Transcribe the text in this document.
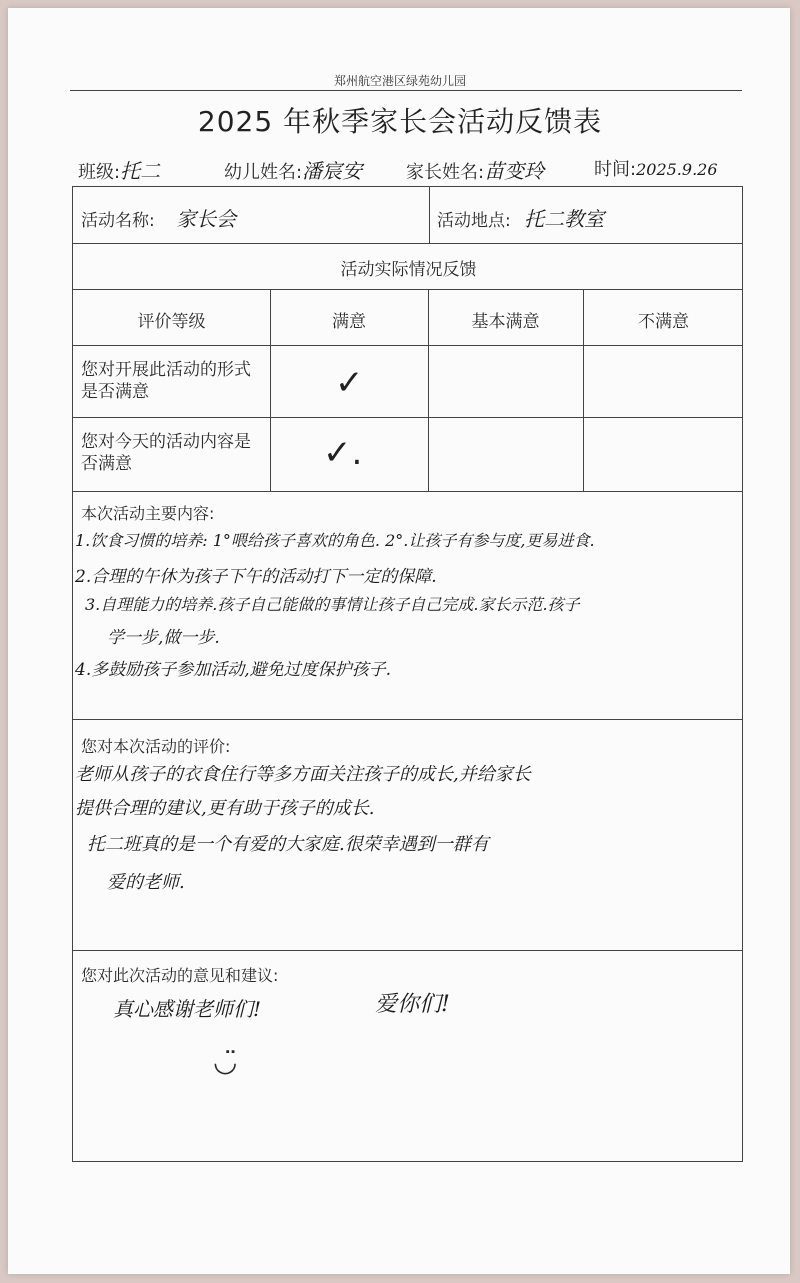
郑州航空港区绿苑幼儿园
2025 年秋季家长会活动反馈表
班级:托二	幼儿姓名:潘宸安 家长姓名:苗变玲	时间:2025.9.26
活动名称: 家长会	活动地点: 托二教室
活动实际情况反馈
评价等级	满意	基本满意	不满意
您对开展此活动的形式是否满意	✓
您对今天的活动内容是否满意	✓.
本次活动主要内容:
1.饮食习惯的培养: 1°喂给孩子喜欢的角色. 2°.让孩子有参与度,更易进食.
2.合理的午休为孩子下午的活动打下一定的保障.
3.自理能力的培养.孩子自己能做的事情让孩子自己完成.家长示范.孩子
学一步,做一步.
4.多鼓励孩子参加活动,避免过度保护孩子.
您对本次活动的评价:
老师从孩子的衣食住行等多方面关注孩子的成长,并给家长
提供合理的建议,更有助于孩子的成长.
托二班真的是一个有爱的大家庭.很荣幸遇到一群有
爱的老师.
您对此次活动的意见和建议:
真心感谢老师们!	爱你们!
◡̈
